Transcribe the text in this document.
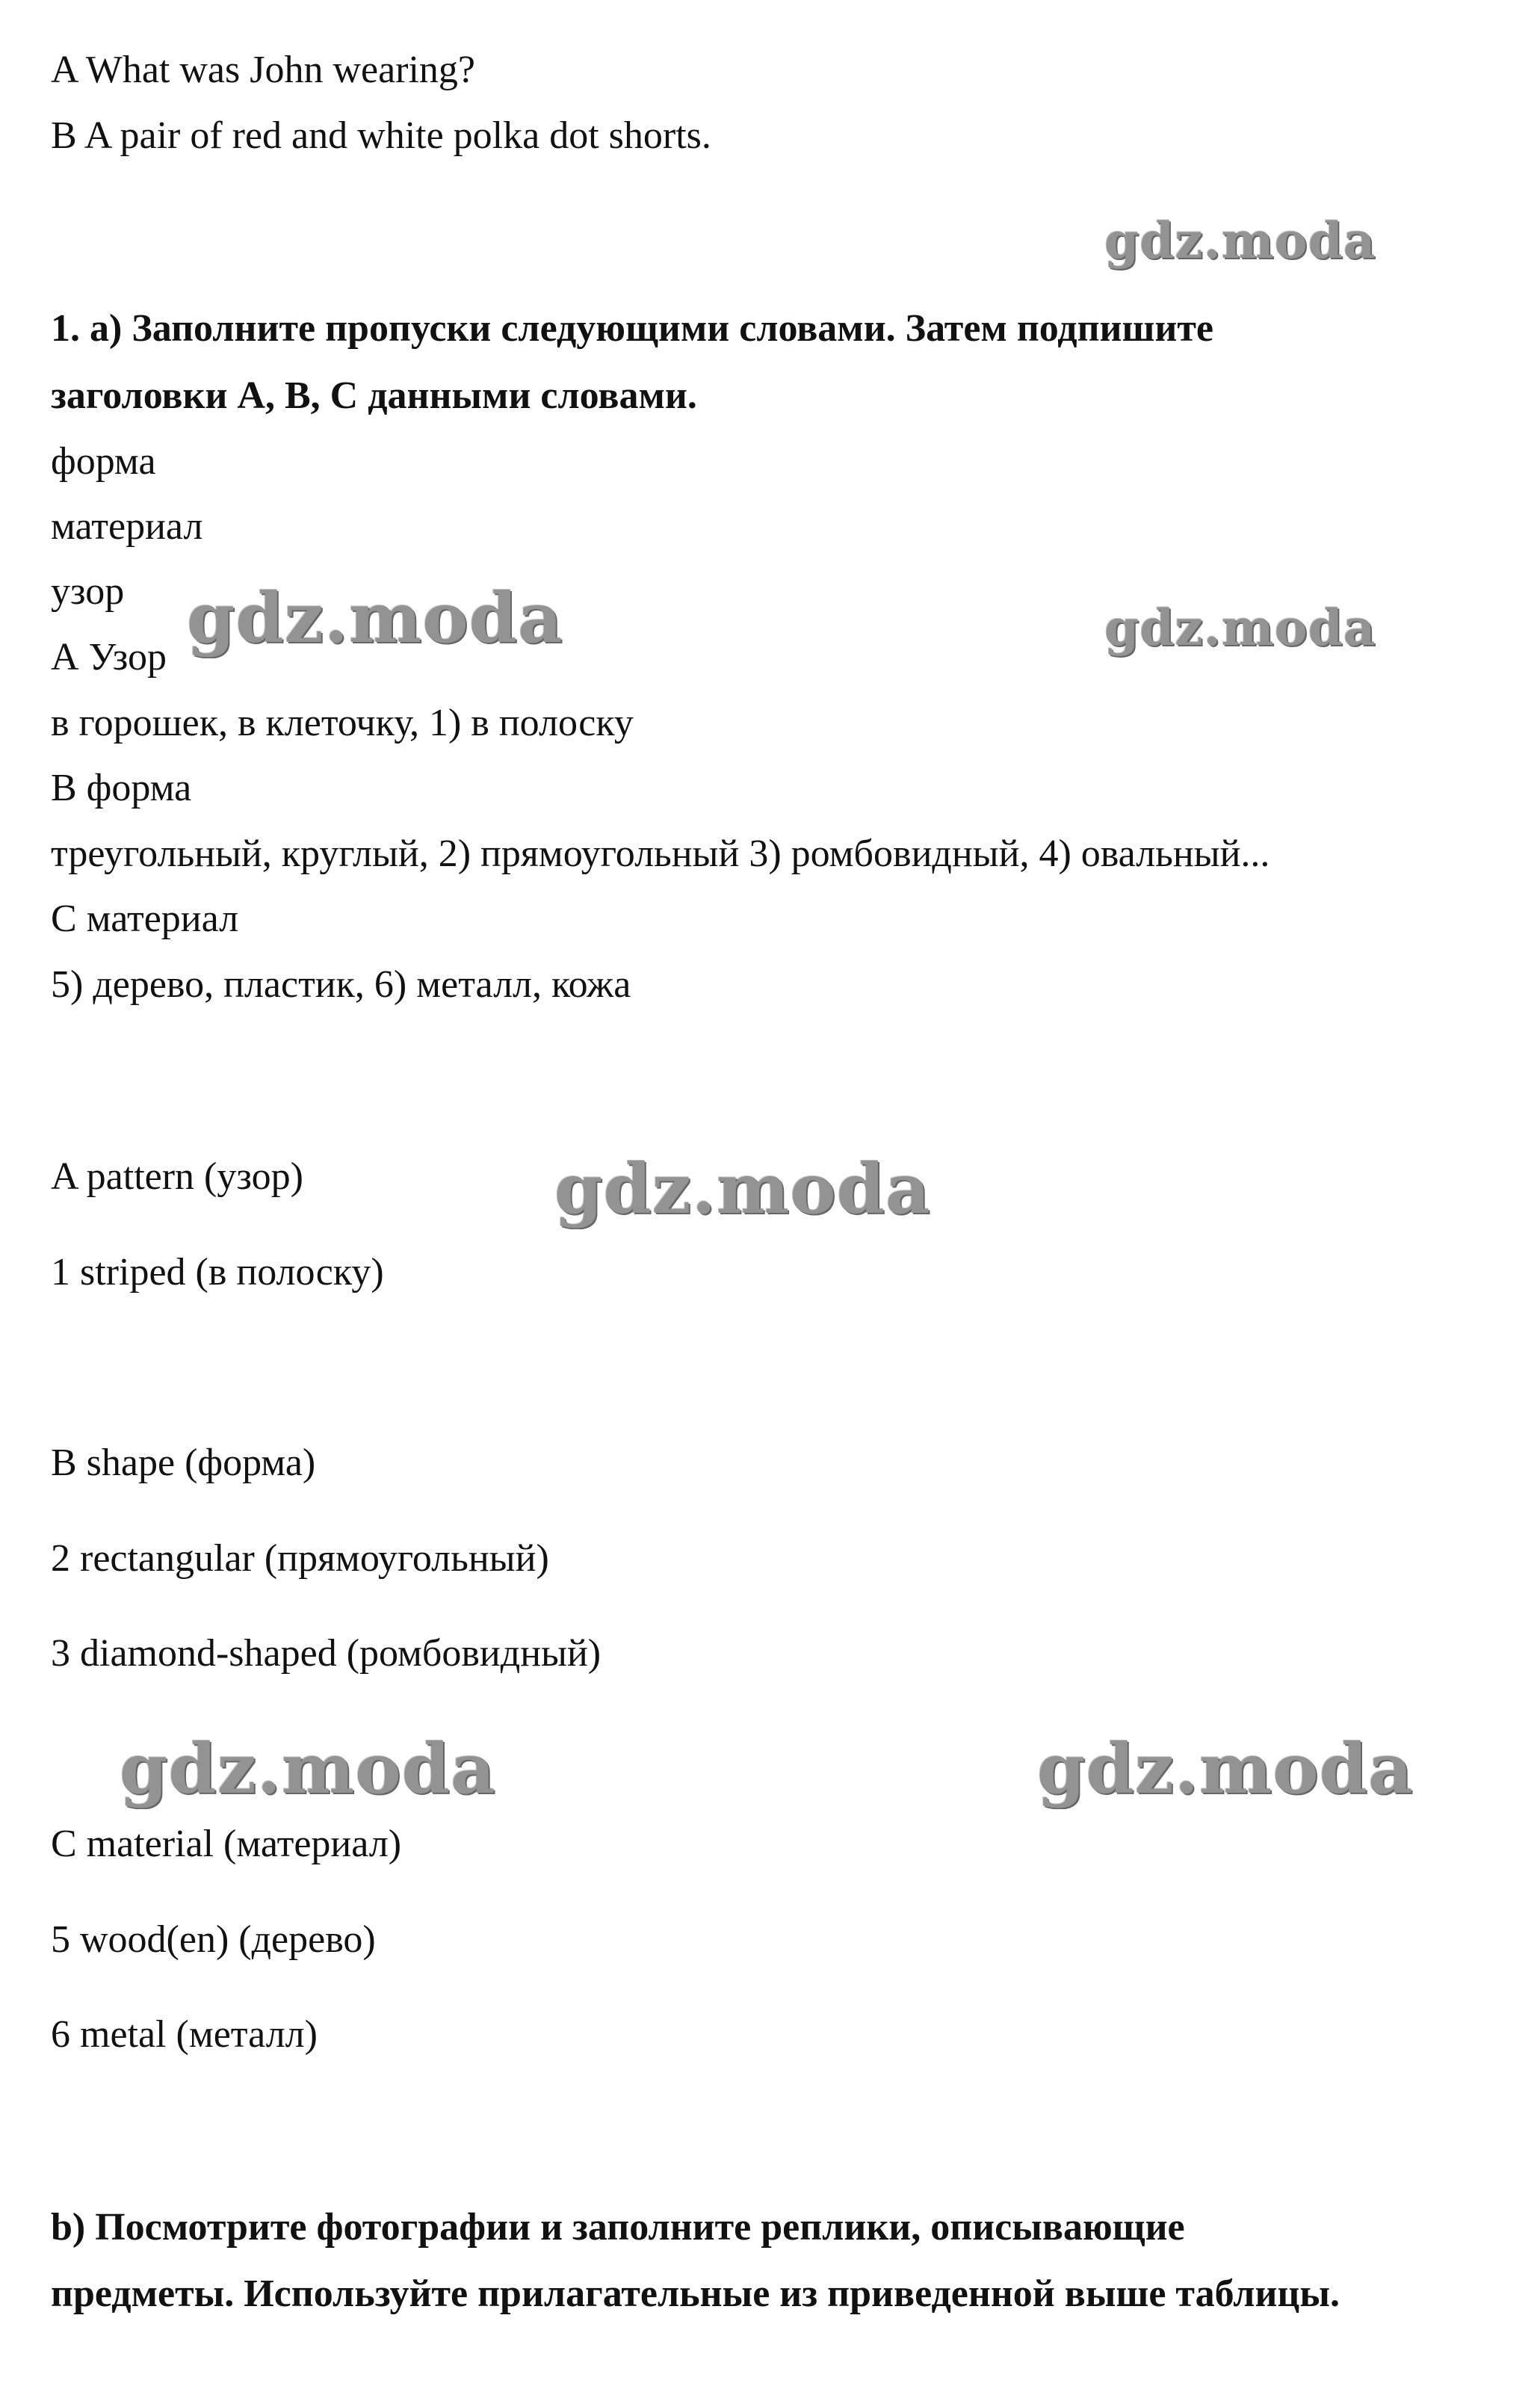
A What was John wearing?
B A pair of red and white polka dot shorts.
1. a) Заполните пропуски следующими словами. Затем подпишите
заголовки А, В, С данными словами.
форма
материал
узор
А Узор
в горошек, в клеточку, 1) в полоску
В форма
треугольный, круглый, 2) прямоугольный 3) ромбовидный, 4) овальный...
С материал
5) дерево, пластик, 6) металл, кожа
A pattern (узор)
1 striped (в полоску)
B shape (форма)
2 rectangular (прямоугольный)
3 diamond-shaped (ромбовидный)
C material (материал)
5 wood(en) (дерево)
6 metal (металл)
b) Посмотрите фотографии и заполните реплики, описывающие
предметы. Используйте прилагательные из приведенной выше таблицы.
gdz.moda
gdz.moda	gdz.moda
gdz.moda
gdz.moda	gdz.moda
